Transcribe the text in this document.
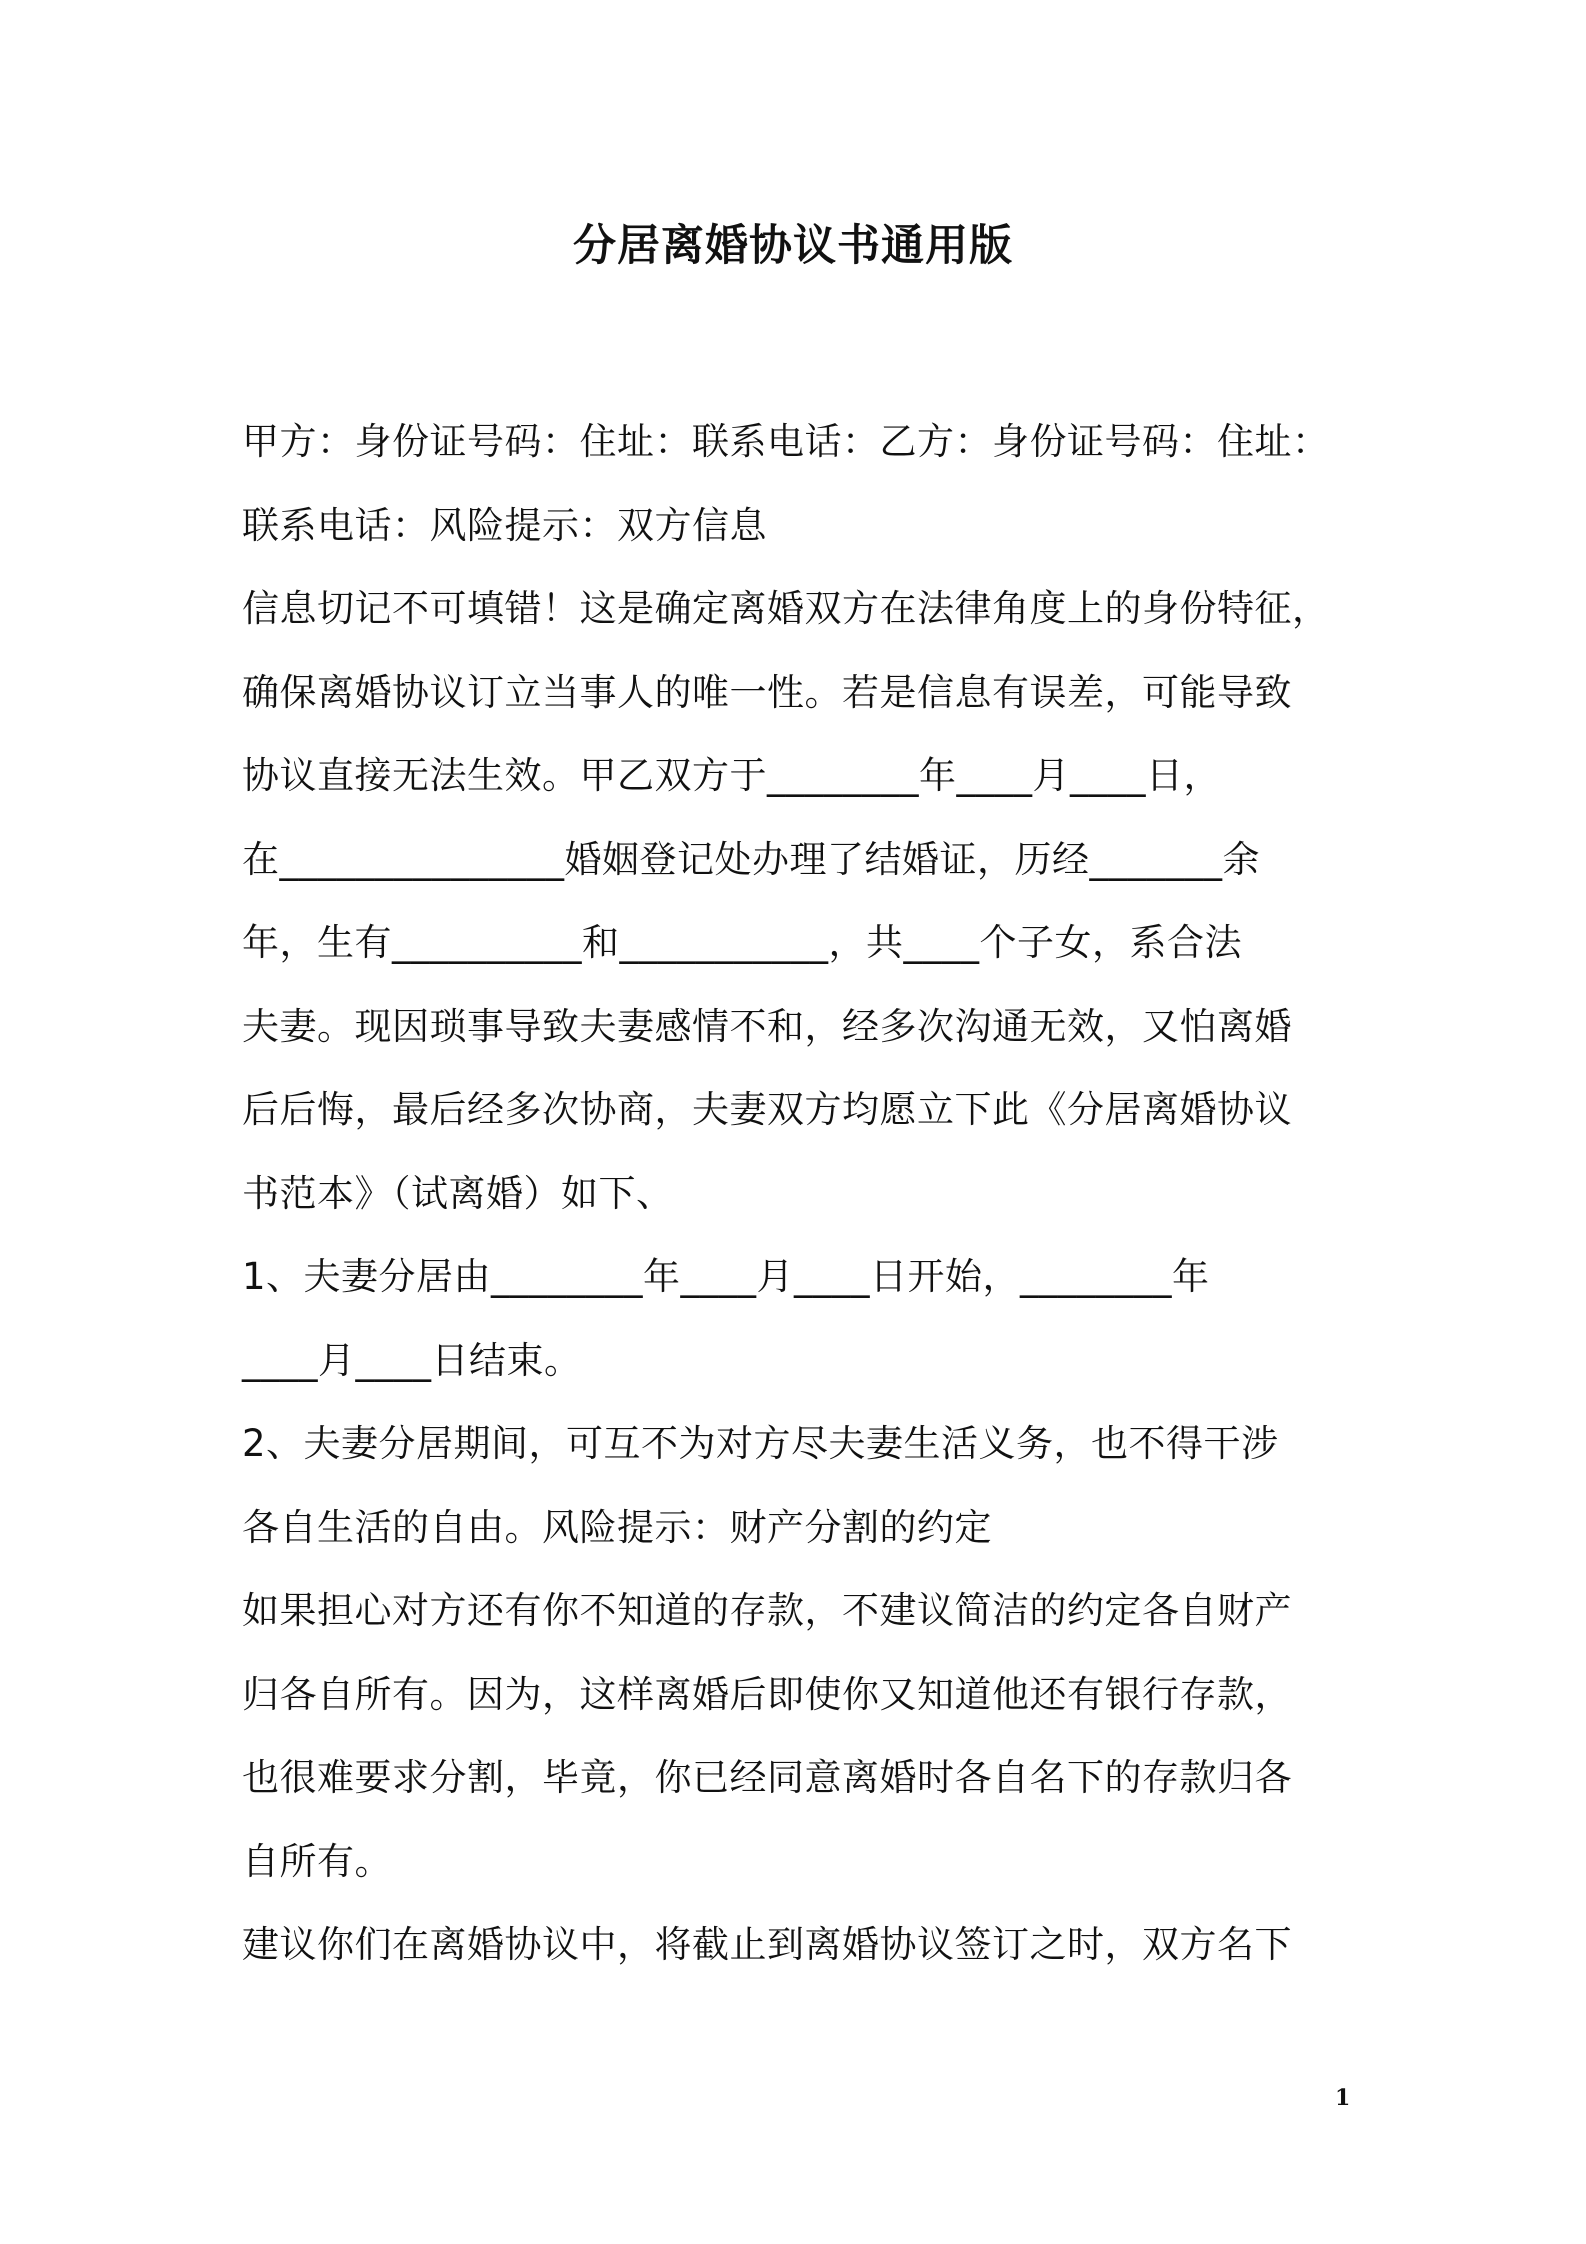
分居离婚协议书通用版
甲方：身份证号码：住址：联系电话：乙方：身份证号码：住址：
联系电话：风险提示：双方信息
信息切记不可填错！这是确定离婚双方在法律角度上的身份特征，
确保离婚协议订立当事人的唯一性。若是信息有误差，可能导致
协议直接无法生效。甲乙双方于________年____月____日，
在_______________婚姻登记处办理了结婚证，历经_______余
年，生有__________和___________，共____个子女，系合法
夫妻。现因琐事导致夫妻感情不和，经多次沟通无效，又怕离婚
后后悔，最后经多次协商，夫妻双方均愿立下此《分居离婚协议
书范本》（试离婚）如下、
1、夫妻分居由________年____月____日开始，________年
____月____日结束。
2、夫妻分居期间，可互不为对方尽夫妻生活义务，也不得干涉
各自生活的自由。风险提示：财产分割的约定
如果担心对方还有你不知道的存款，不建议简洁的约定各自财产
归各自所有。因为，这样离婚后即使你又知道他还有银行存款，
也很难要求分割，毕竟，你已经同意离婚时各自名下的存款归各
自所有。
建议你们在离婚协议中，将截止到离婚协议签订之时，双方名下
1
